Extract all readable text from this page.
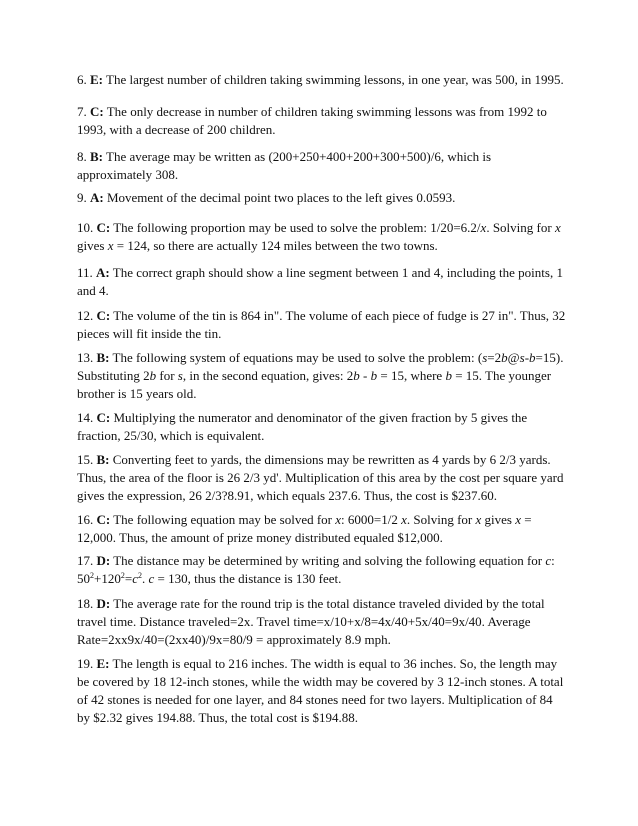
6. E: The largest number of children taking swimming lessons, in one year, was 500, in 1995.

7. C: The only decrease in number of children taking swimming lessons was from 1992 to 1993, with a decrease of 200 children.

8. B: The average may be written as (200+250+400+200+300+500)/6, which is approximately 308.

9. A: Movement of the decimal point two places to the left gives 0.0593.

10. C: The following proportion may be used to solve the problem: 1/20=6.2/x. Solving for x gives x = 124, so there are actually 124 miles between the two towns.

11. A: The correct graph should show a line segment between 1 and 4, including the points, 1 and 4.

12. C: The volume of the tin is 864 in". The volume of each piece of fudge is 27 in". Thus, 32 pieces will fit inside the tin.

13. B: The following system of equations may be used to solve the problem: (s=2b@s-b=15). Substituting 2b for s, in the second equation, gives: 2b - b = 15, where b = 15. The younger brother is 15 years old.

14. C: Multiplying the numerator and denominator of the given fraction by 5 gives the fraction, 25/30, which is equivalent.

15. B: Converting feet to yards, the dimensions may be rewritten as 4 yards by 6 2/3 yards. Thus, the area of the floor is 26 2/3 yd'. Multiplication of this area by the cost per square yard gives the expression, 26 2/3?8.91, which equals 237.6. Thus, the cost is $237.60.

16. C: The following equation may be solved for x: 6000=1/2 x. Solving for x gives x = 12,000. Thus, the amount of prize money distributed equaled $12,000.

17. D: The distance may be determined by writing and solving the following equation for c:
$50^2+120^2=c^2$. c = 130, thus the distance is 130 feet.

18. D: The average rate for the round trip is the total distance traveled divided by the total travel time. Distance traveled=2x. Travel time=x/10+x/8=4x/40+5x/40=9x/40. Average Rate=2xx9x/40=(2xx40)/9x=80/9 = approximately 8.9 mph.

19. E: The length is equal to 216 inches. The width is equal to 36 inches. So, the length may be covered by 18 12-inch stones, while the width may be covered by 3 12-inch stones. A total of 42 stones is needed for one layer, and 84 stones need for two layers. Multiplication of 84 by $2.32 gives 194.88. Thus, the total cost is $194.88.
